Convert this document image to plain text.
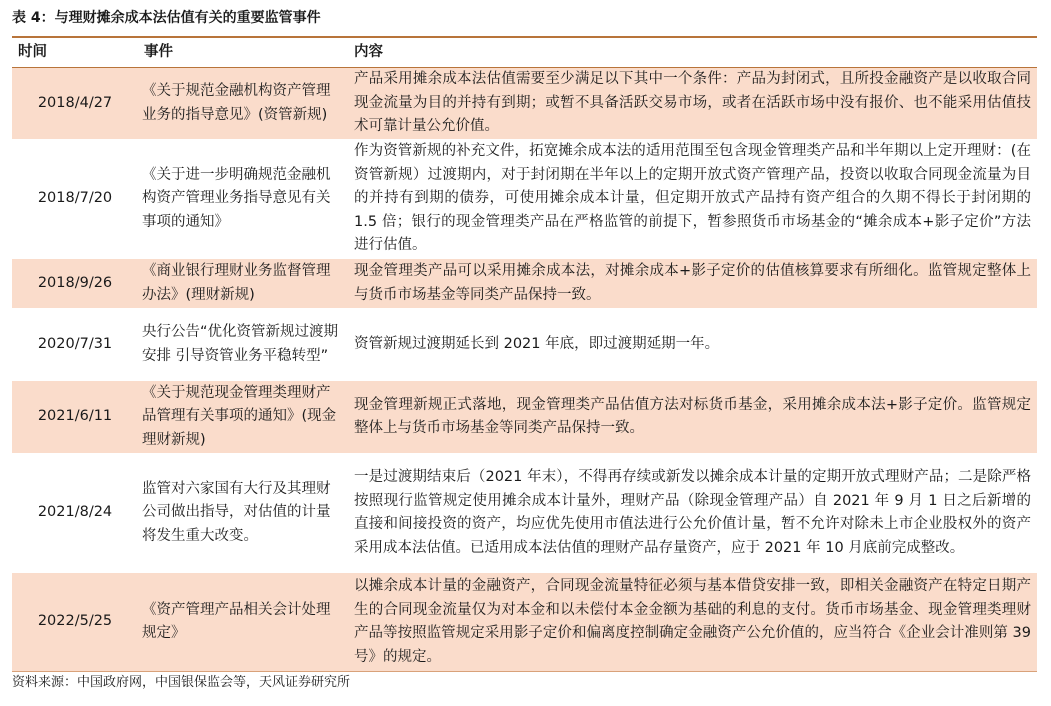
表 4：与理财摊余成本法估值有关的重要监管事件
时间	事件	内容
2018/4/27
《关于规范金融机构资产管理业务的指导意见》(资管新规)
产品采用摊余成本法估值需要至少满足以下其中一个条件：产品为封闭式，且所投金融资产是以收取合同现金流量为目的并持有到期；或暂不具备活跃交易市场，或者在活跃市场中没有报价、也不能采用估值技术可靠计量公允价值。
2018/7/20
《关于进一步明确规范金融机构资产管理业务指导意见有关事项的通知》
作为资管新规的补充文件，拓宽摊余成本法的适用范围至包含现金管理类产品和半年期以上定开理财：(在资管新规）过渡期内，对于封闭期在半年以上的定期开放式资产管理产品，投资以收取合同现金流量为目的并持有到期的债券，可使用摊余成本计量，但定期开放式产品持有资产组合的久期不得长于封闭期的 1.5 倍；银行的现金管理类产品在严格监管的前提下，暂参照货币市场基金的“摊余成本+影子定价”方法进行估值。
2018/9/26
《商业银行理财业务监督管理办法》(理财新规)
现金管理类产品可以采用摊余成本法，对摊余成本+影子定价的估值核算要求有所细化。监管规定整体上与货币市场基金等同类产品保持一致。
2020/7/31
央行公告“优化资管新规过渡期安排 引导资管业务平稳转型”
资管新规过渡期延长到 2021 年底，即过渡期延期一年。
2021/6/11
《关于规范现金管理类理财产品管理有关事项的通知》(现金理财新规)
现金管理新规正式落地，现金管理类产品估值方法对标货币基金，采用摊余成本法+影子定价。监管规定整体上与货币市场基金等同类产品保持一致。
2021/8/24
监管对六家国有大行及其理财公司做出指导，对估值的计量将发生重大改变。
一是过渡期结束后（2021 年末），不得再存续或新发以摊余成本计量的定期开放式理财产品；二是除严格按照现行监管规定使用摊余成本计量外，理财产品（除现金管理产品）自 2021 年 9 月 1 日之后新增的直接和间接投资的资产，均应优先使用市值法进行公允价值计量，暂不允许对除未上市企业股权外的资产采用成本法估值。已适用成本法估值的理财产品存量资产，应于 2021 年 10 月底前完成整改。
2022/5/25
《资产管理产品相关会计处理规定》
以摊余成本计量的金融资产，合同现金流量特征必须与基本借贷安排一致，即相关金融资产在特定日期产生的合同现金流量仅为对本金和以未偿付本金金额为基础的利息的支付。货币市场基金、现金管理类理财产品等按照监管规定采用影子定价和偏离度控制确定金融资产公允价值的，应当符合《企业会计准则第 39 号》的规定。
资料来源：中国政府网，中国银保监会等，天风证券研究所
